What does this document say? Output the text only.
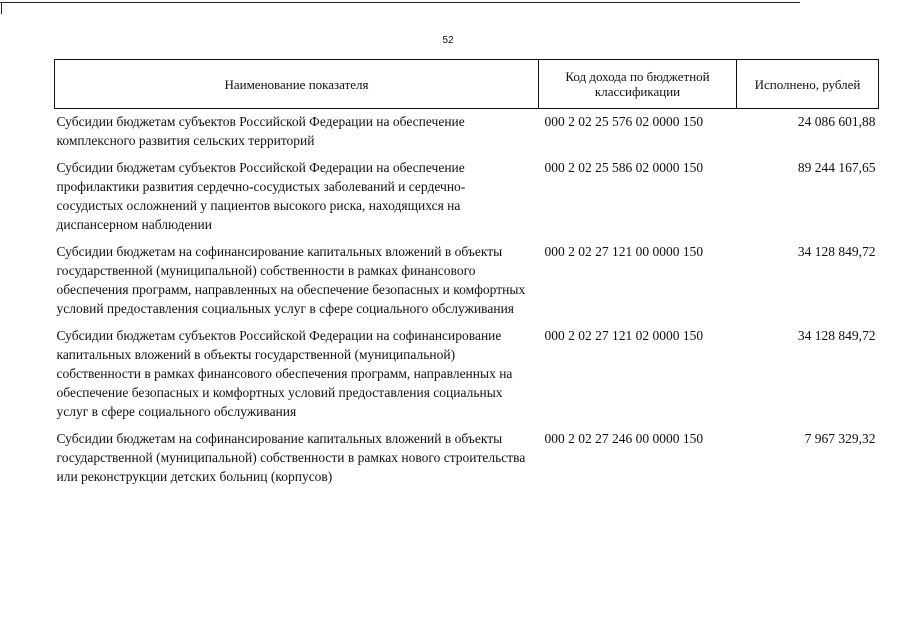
52
Наименование показателя	Код дохода по бюджетной классификации	Исполнено, рублей
Субсидии бюджетам субъектов Российской Федерации на обеспечение комплексного развития сельских территорий	000 2 02 25 576 02 0000 150	24 086 601,88
Субсидии бюджетам субъектов Российской Федерации на обеспечение профилактики развития сердечно-сосудистых заболеваний и сердечно-сосудистых осложнений у пациентов высокого риска, находящихся на диспансерном наблюдении	000 2 02 25 586 02 0000 150	89 244 167,65
Субсидии бюджетам на софинансирование капитальных вложений в объекты государственной (муниципальной) собственности в рамках финансового обеспечения программ, направленных на обеспечение безопасных и комфортных условий предоставления социальных услуг в сфере социального обслуживания	000 2 02 27 121 00 0000 150	34 128 849,72
Субсидии бюджетам субъектов Российской Федерации на софинансирование капитальных вложений в объекты государственной (муниципальной) собственности в рамках финансового обеспечения программ, направленных на обеспечение безопасных и комфортных условий предоставления социальных услуг в сфере социального обслуживания	000 2 02 27 121 02 0000 150	34 128 849,72
Субсидии бюджетам на софинансирование капитальных вложений в объекты государственной (муниципальной) собственности в рамках нового строительства или реконструкции детских больниц (корпусов)	000 2 02 27 246 00 0000 150	7 967 329,32
